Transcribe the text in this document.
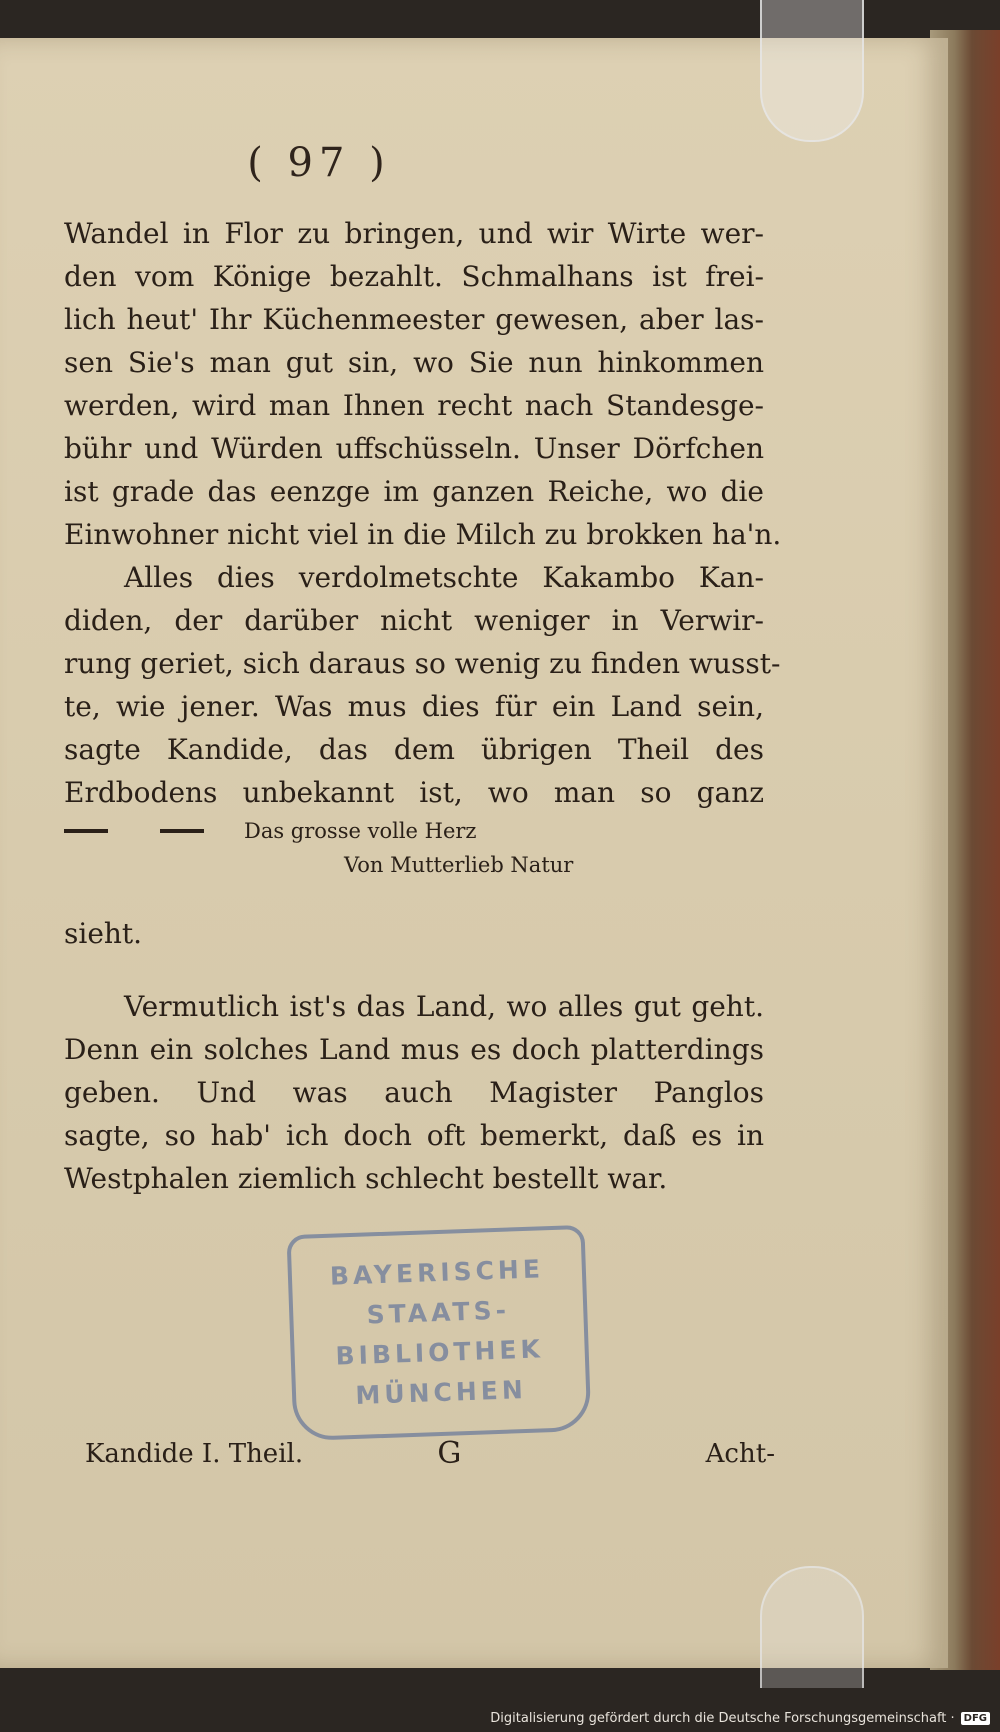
( 97 )
Wandel in Flor zu bringen, und wir Wirte wer-
den vom Könige bezahlt. Schmalhans ist frei-
lich heut' Ihr Küchenmeester gewesen, aber las-
sen Sie's man gut sin, wo Sie nun hinkommen
werden, wird man Ihnen recht nach Standesge-
bühr und Würden uffschüsseln. Unser Dörfchen
ist grade das eenzge im ganzen Reiche, wo die
Einwohner nicht viel in die Milch zu brokken ha'n.
Alles dies verdolmetschte Kakambo Kan-
diden, der darüber nicht weniger in Verwir-
rung geriet, sich daraus so wenig zu finden wusst-
te, wie jener. Was mus dies für ein Land sein,
sagte Kandide, das dem übrigen Theil des
Erdbodens unbekannt ist, wo man so ganz
Das grosse volle Herz
Von Mutterlieb Natur
sieht.
Vermutlich ist's das Land, wo alles gut geht.
Denn ein solches Land mus es doch platterdings
geben. Und was auch Magister Panglos
sagte, so hab' ich doch oft bemerkt, daß es in
Westphalen ziemlich schlecht bestellt war.
BAYERISCHE
STAATS-
BIBLIOTHEK
MÜNCHEN
Kandide I. Theil.	G	Acht-
Digitalisierung gefördert durch die Deutsche Forschungsgemeinschaft · DFG
